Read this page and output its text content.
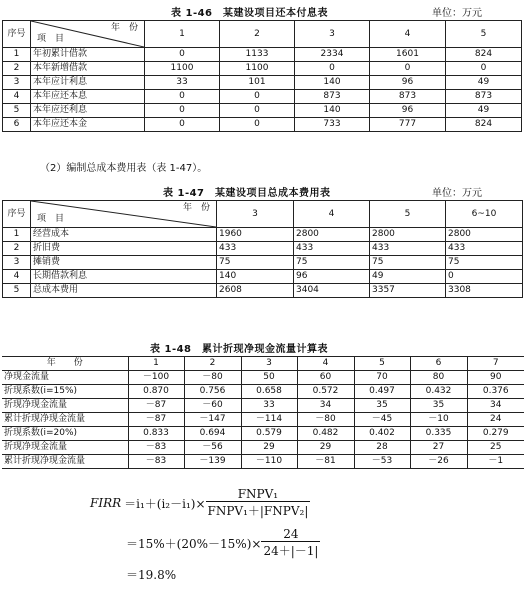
表 1-46　某建设项目还本付息表	单位：万元
序号	年　份
项　目	1	2	3	4	5
1	年初累计借款	0	1133	2334	1601	824
2	本年新增借款	1100	1100	0	0	0
3	本年应计利息	33	101	140	96	49
4	本年应还本息	0	0	873	873	873
5	本年应还利息	0	0	140	96	49
6	本年应还本金	0	0	733	777	824
（2）编制总成本费用表（表 1-47）。
表 1-47　某建设项目总成本费用表	单位：万元
序号	年　份
项　目	3	4	5	6~10
1	经营成本	1960	2800	2800	2800
2	折旧费	433	433	433	433
3	摊销费	75	75	75	75
4	长期借款利息	140	96	49	0
5	总成本费用	2608	3404	3357	3308
表 1-48　累计折现净现金流量计算表
年　　份	1	2	3	4	5	6	7
净现金流量	－100	－80	50	60	70	80	90
折现系数(i=15%)	0.870	0.756	0.658	0.572	0.497	0.432	0.376
折现净现金流量	－87	－60	33	34	35	35	34
累计折现净现金流量	－87	－147	－114	－80	－45	－10	24
折现系数(i=20%)	0.833	0.694	0.579	0.482	0.402	0.335	0.279
折现净现金流量	－83	－56	29	29	28	27	25
累计折现净现金流量	－83	－139	－110	－81	－53	－26	－1
FIRR $=i_1+(i_2-i_1)\times \frac{\text{FNPV₁}}{\text{FNPV₁＋|FNPV₂|}}$
$=15\%+(20\%-15\%)\times \frac{24}{24+|-1|}$
＝19.8%
